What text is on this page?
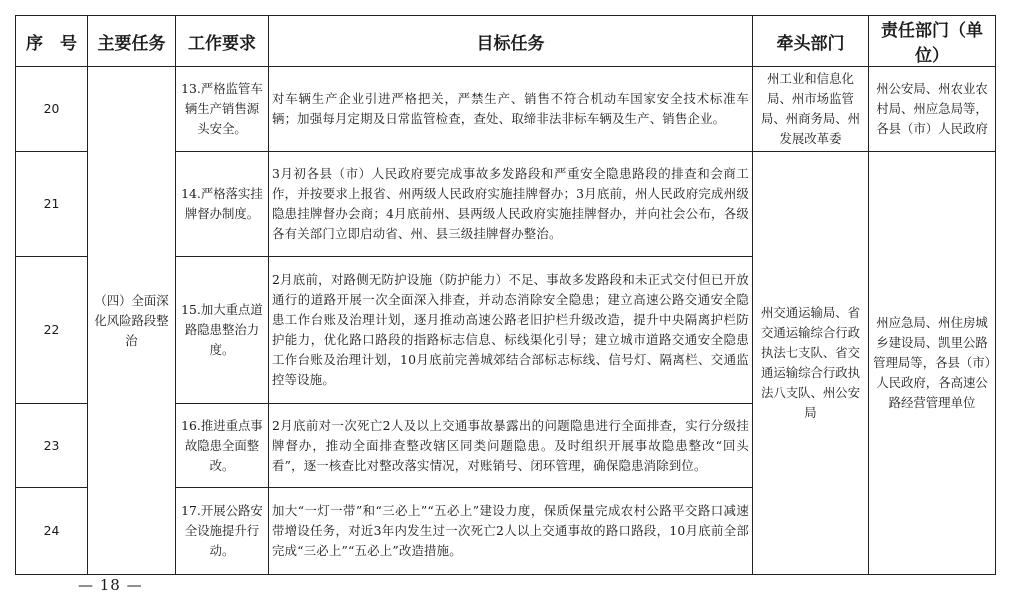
序　号	主要任务	工作要求	目标任务	牵头部门	责任部门（单位）
20	（四）全面深化风险路段整治	13.严格监管车辆生产销售源头安全。	对车辆生产企业引进严格把关，严禁生产、销售不符合机动车国家安全技术标准车辆；加强每月定期及日常监管检查，查处、取缔非法非标车辆及生产、销售企业。	州工业和信息化局、州市场监管局、州商务局、州发展改革委	州公安局、州农业农村局、州应急局等，各县（市）人民政府
21		14.严格落实挂牌督办制度。	3月初各县（市）人民政府要完成事故多发路段和严重安全隐患路段的排查和会商工作，并按要求上报省、州两级人民政府实施挂牌督办；3月底前，州人民政府完成州级隐患挂牌督办会商；4月底前州、县两级人民政府实施挂牌督办，并向社会公布，各级各有关部门立即启动省、州、县三级挂牌督办整治。	州交通运输局、省交通运输综合行政执法七支队、省交通运输综合行政执法八支队、州公安局	州应急局、州住房城乡建设局、凯里公路管理局等，各县（市）人民政府，各高速公路经营管理单位
22		15.加大重点道路隐患整治力度。	2月底前，对路侧无防护设施（防护能力）不足、事故多发路段和未正式交付但已开放通行的道路开展一次全面深入排查，并动态消除安全隐患；建立高速公路交通安全隐患工作台账及治理计划，逐月推动高速公路老旧护栏升级改造，提升中央隔离护栏防护能力，优化路口路段的指路标志信息、标线渠化引导；建立城市道路交通安全隐患工作台账及治理计划，10月底前完善城郊结合部标志标线、信号灯、隔离栏、交通监控等设施。		
23		16.推进重点事故隐患全面整改。	2月底前对一次死亡2人及以上交通事故暴露出的问题隐患进行全面排查，实行分级挂牌督办，推动全面排查整改辖区同类问题隐患。及时组织开展事故隐患整改“回头看”，逐一核查比对整改落实情况，对账销号、闭环管理，确保隐患消除到位。		
24		17.开展公路安全设施提升行动。	加大“一灯一带”和“三必上”“五必上”建设力度，保质保量完成农村公路平交路口减速带增设任务，对近3年内发生过一次死亡2人以上交通事故的路口路段，10月底前全部完成“三必上”“五必上”改造措施。		
— 18 —
